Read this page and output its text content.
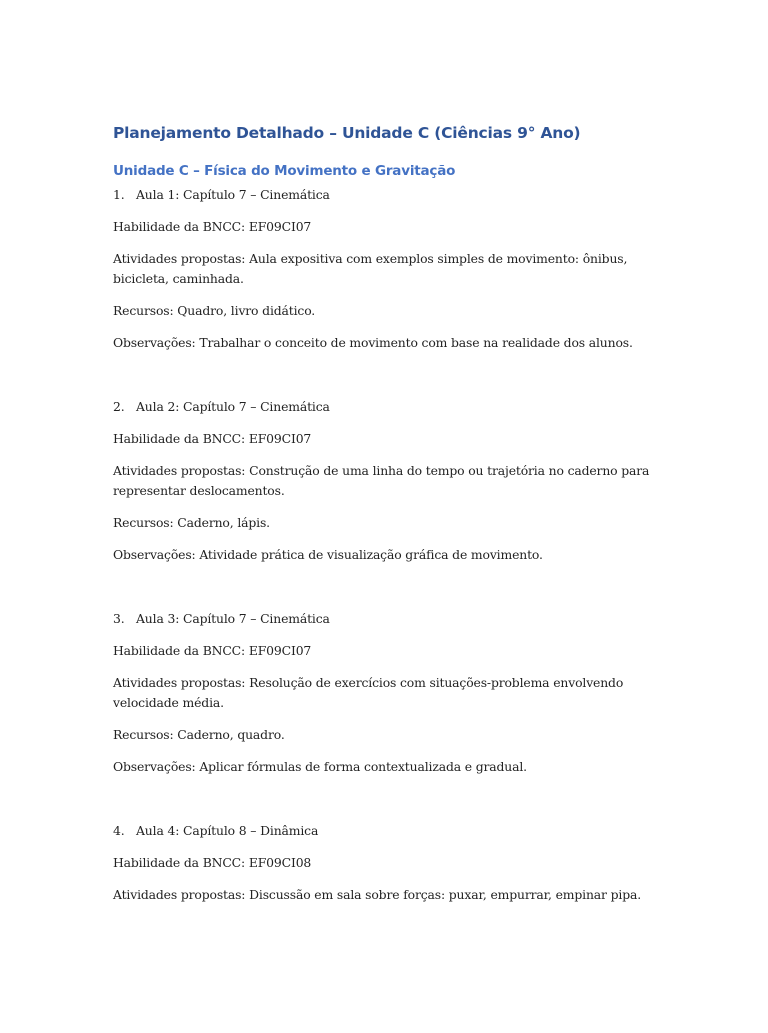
Planejamento Detalhado – Unidade C (Ciências 9° Ano)
Unidade C – Física do Movimento e Gravitação

1. Aula 1: Capítulo 7 – Cinemática

Habilidade da BNCC: EF09CI07

Atividades propostas: Aula expositiva com exemplos simples de movimento: ônibus,

bicicleta, caminhada.

Recursos: Quadro, livro didático.

Observações: Trabalhar o conceito de movimento com base na realidade dos alunos.

2. Aula 2: Capítulo 7 – Cinemática

Habilidade da BNCC: EF09CI07

Atividades propostas: Construção de uma linha do tempo ou trajetória no caderno para

representar deslocamentos.

Recursos: Caderno, lápis.

Observações: Atividade prática de visualização gráfica de movimento.

3. Aula 3: Capítulo 7 – Cinemática

Habilidade da BNCC: EF09CI07

Atividades propostas: Resolução de exercícios com situações-problema envolvendo

velocidade média.

Recursos: Caderno, quadro.

Observações: Aplicar fórmulas de forma contextualizada e gradual.

4. Aula 4: Capítulo 8 – Dinâmica

Habilidade da BNCC: EF09CI08

Atividades propostas: Discussão em sala sobre forças: puxar, empurrar, empinar pipa.
